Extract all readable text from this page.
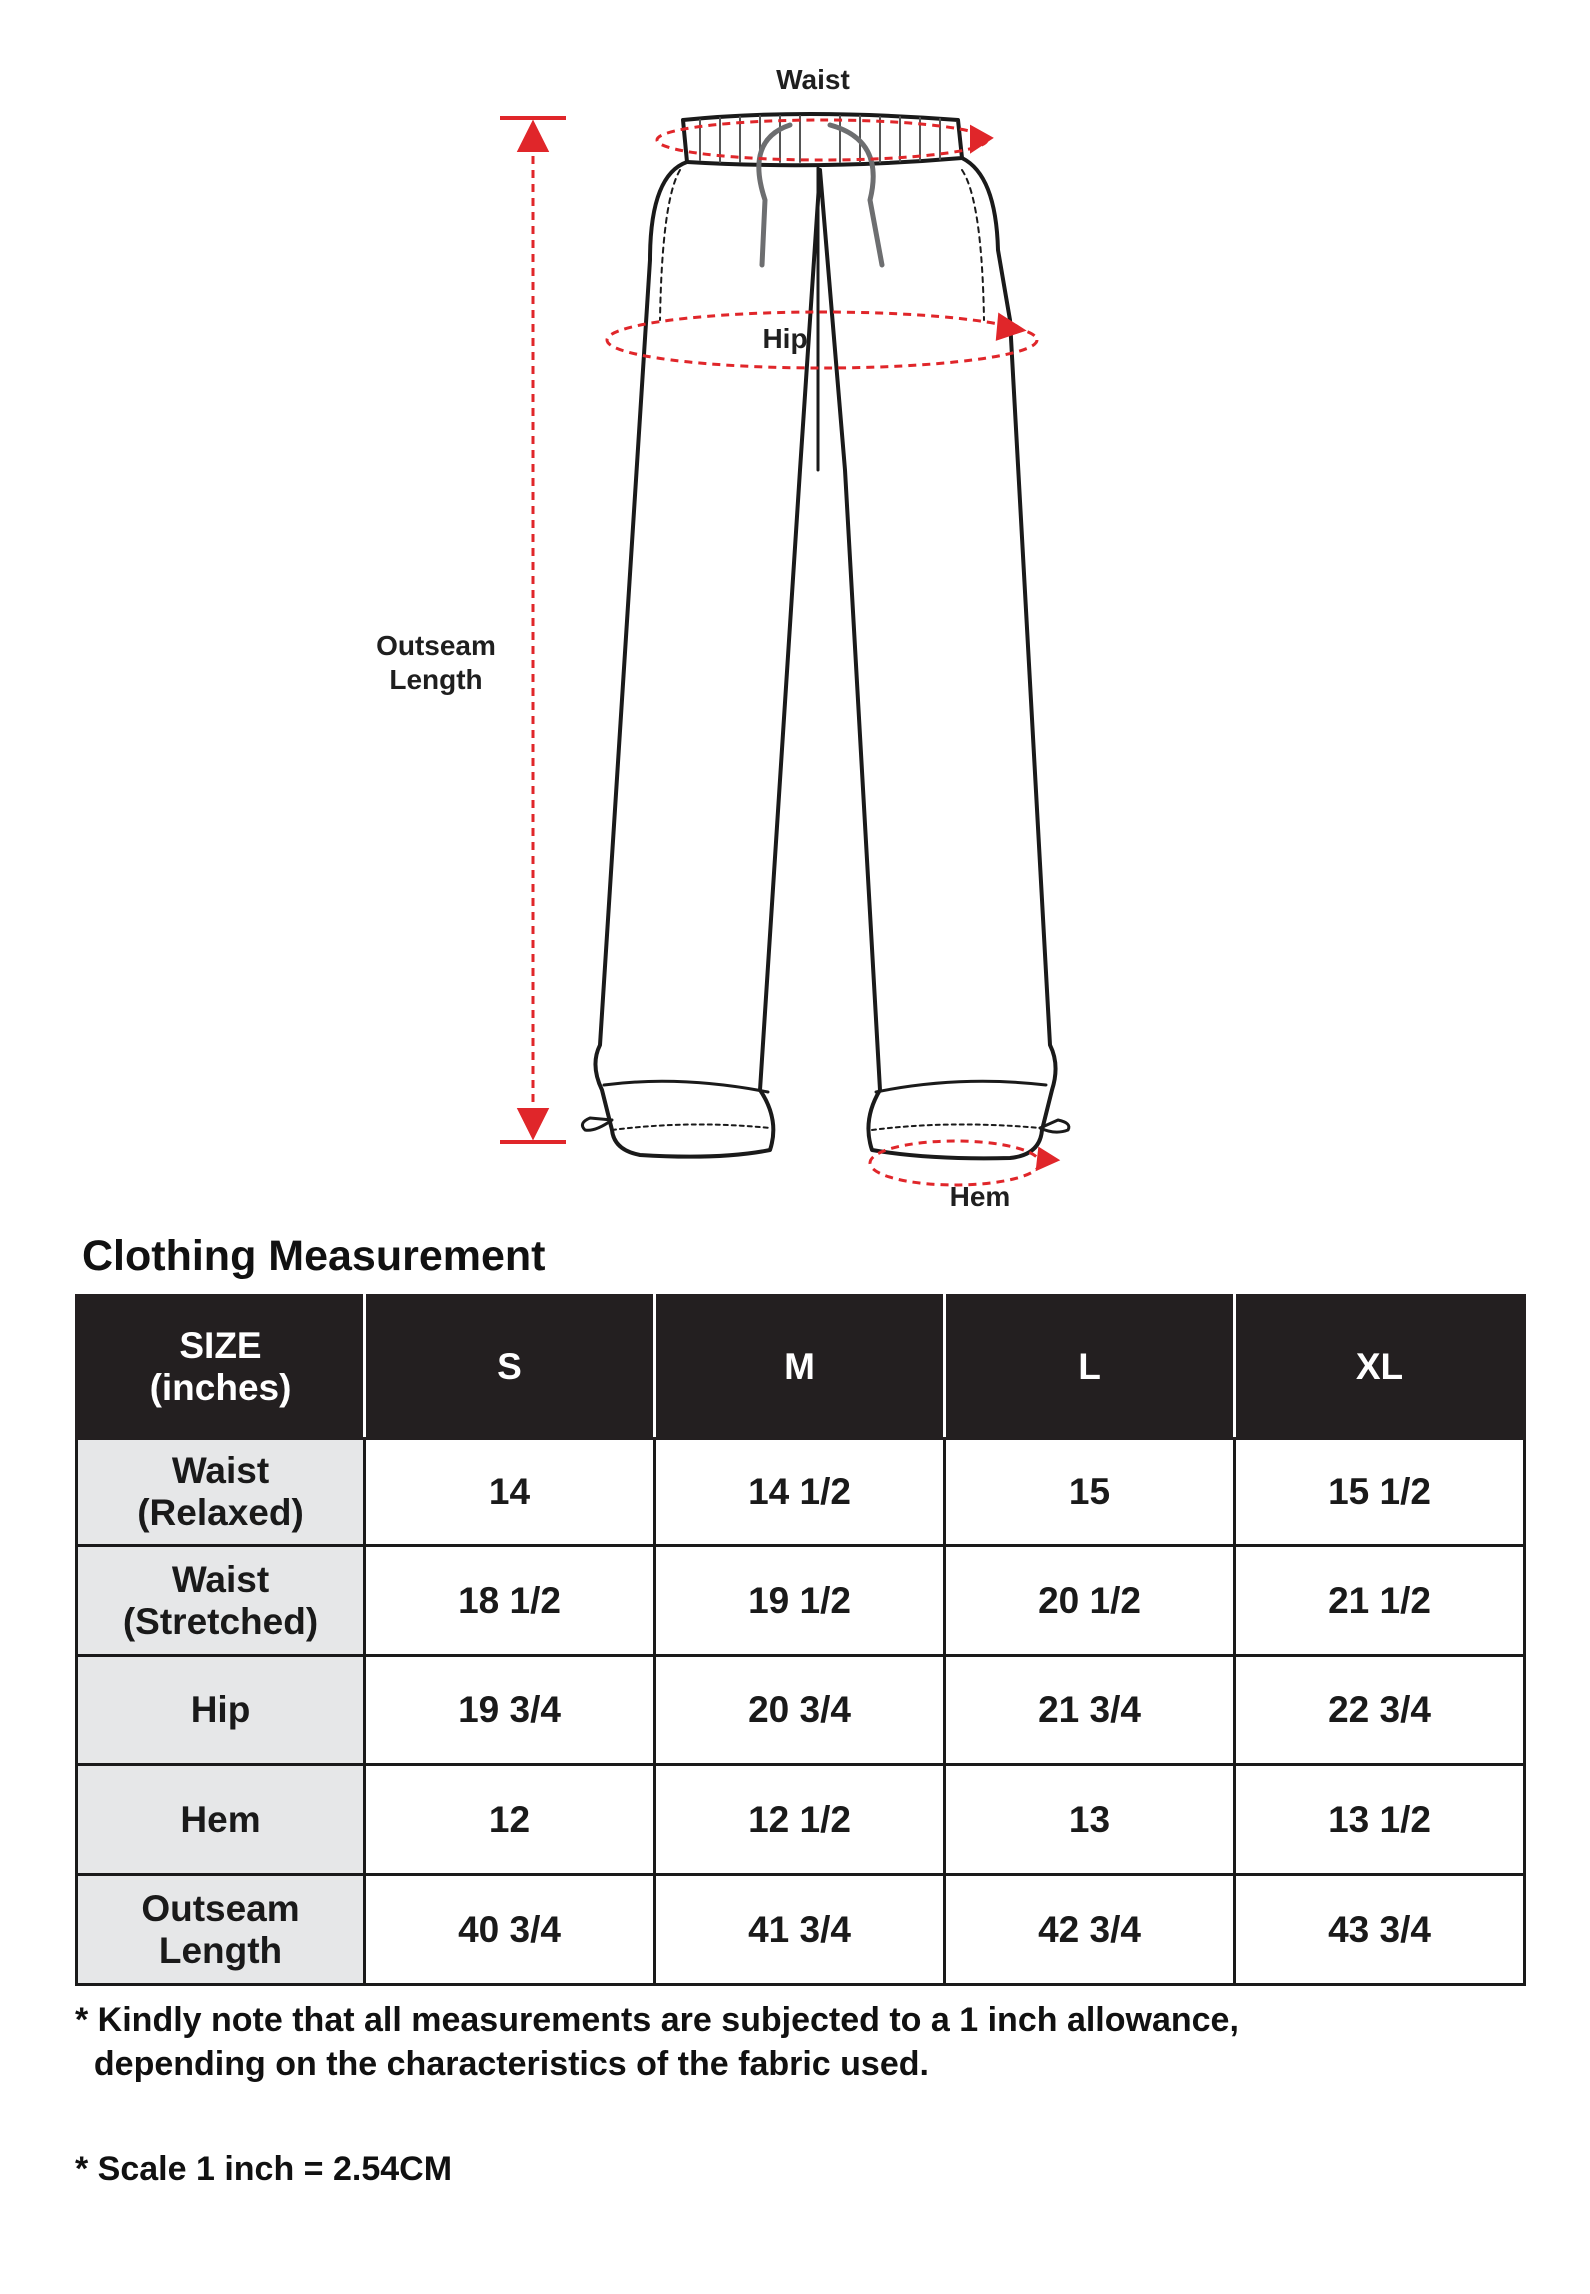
Waist
Hip
Outseam
Length
Hem
Clothing Measurement
SIZE
(inches)	S	M	L	XL

Waist
(Relaxed)	14	14 1/2	15	15 1/2

Waist
(Stretched)	18 1/2	19 1/2	20 1/2	21 1/2
Hip	19 3/4	20 3/4	21 3/4	22 3/4
Hem	12	12 1/2	13	13 1/2

Outseam
Length	40 3/4	41 3/4	42 3/4	43 3/4
* Kindly note that all measurements are subjected to a 1 inch allowance,
depending on the characteristics of the fabric used.
* Scale 1 inch = 2.54CM
